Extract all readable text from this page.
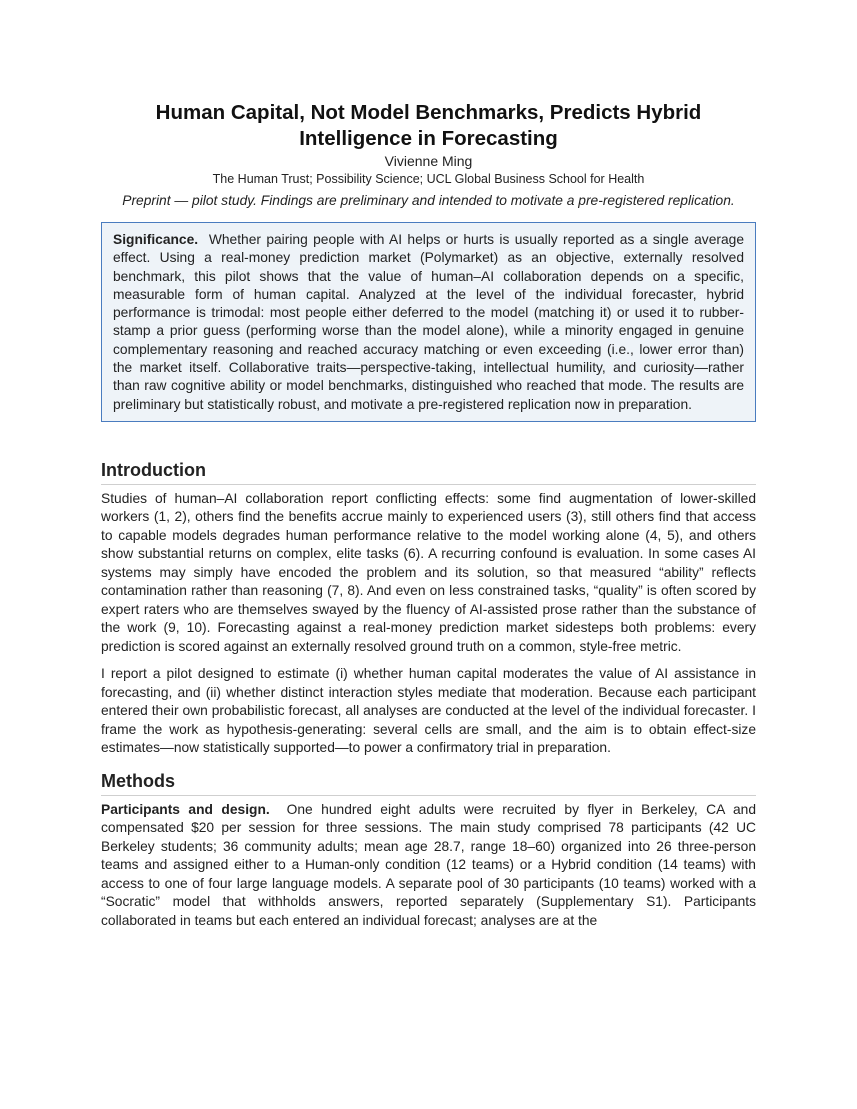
Human Capital, Not Model Benchmarks, Predicts Hybrid
Intelligence in Forecasting
Vivienne Ming
The Human Trust; Possibility Science; UCL Global Business School for Health
Preprint — pilot study. Findings are preliminary and intended to motivate a pre-registered replication.
Significance. Whether pairing people with AI helps or hurts is usually reported as a single average effect. Using a real-money prediction market (Polymarket) as an objective, externally resolved benchmark, this pilot shows that the value of human–AI collaboration depends on a specific, measurable form of human capital. Analyzed at the level of the individual forecaster, hybrid performance is trimodal: most people either deferred to the model (matching it) or used it to rubber-stamp a prior guess (performing worse than the model alone), while a minority engaged in genuine complementary reasoning and reached accuracy matching or even exceeding (i.e., lower error than) the market itself. Collaborative traits—perspective-taking, intellectual humility, and curiosity—rather than raw cognitive ability or model benchmarks, distinguished who reached that mode. The results are preliminary but statistically robust, and motivate a pre-registered replication now in preparation.
Introduction

Studies of human–AI collaboration report conflicting effects: some find augmentation of lower-skilled workers (1, 2), others find the benefits accrue mainly to experienced users (3), still others find that access to capable models degrades human performance relative to the model working alone (4, 5), and others show substantial returns on complex, elite tasks (6). A recurring confound is evaluation. In some cases AI systems may simply have encoded the problem and its solution, so that measured “ability” reflects contamination rather than reasoning (7, 8). And even on less constrained tasks, “quality” is often scored by expert raters who are themselves swayed by the fluency of AI-assisted prose rather than the substance of the work (9, 10). Forecasting against a real-money prediction market sidesteps both problems: every prediction is scored against an externally resolved ground truth on a common, style-free metric.

I report a pilot designed to estimate (i) whether human capital moderates the value of AI assistance in forecasting, and (ii) whether distinct interaction styles mediate that moderation. Because each participant entered their own probabilistic forecast, all analyses are conducted at the level of the individual forecaster. I frame the work as hypothesis-generating: several cells are small, and the aim is to obtain effect-size estimates—now statistically supported—to power a confirmatory trial in preparation.

Methods

Participants and design. One hundred eight adults were recruited by flyer in Berkeley, CA and compensated $20 per session for three sessions. The main study comprised 78 participants (42 UC Berkeley students; 36 community adults; mean age 28.7, range 18–60) organized into 26 three-person teams and assigned either to a Human-only condition (12 teams) or a Hybrid condition (14 teams) with access to one of four large language models. A separate pool of 30 participants (10 teams) worked with a “Socratic” model that withholds answers, reported separately (Supplementary S1). Participants collaborated in teams but each entered an individual forecast; analyses are at the
